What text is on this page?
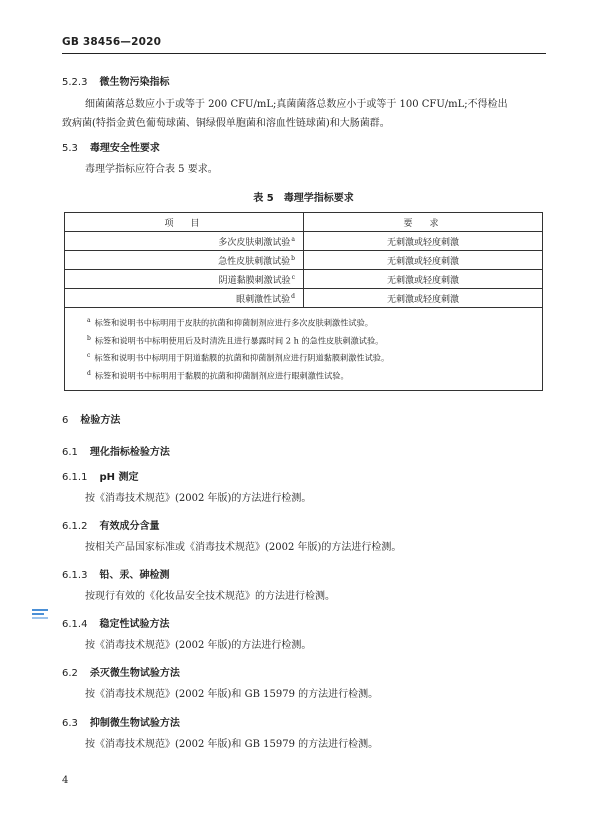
GB 38456—2020
5.2.3 微生物污染指标
细菌菌落总数应小于或等于 200 CFU/mL;真菌菌落总数应小于或等于 100 CFU/mL;不得检出
致病菌(特指金黄色葡萄球菌、铜绿假单胞菌和溶血性链球菌)和大肠菌群。
5.3 毒理安全性要求
毒理学指标应符合表 5 要求。
表 5　毒理学指标要求
项　目	要　求
多次皮肤刺激试验$^a$	无刺激或轻度刺激
急性皮肤刺激试验$^b$	无刺激或轻度刺激
阴道黏膜刺激试验$^c$	无刺激或轻度刺激
眼刺激性试验$^d$	无刺激或轻度刺激

$^a$ 标签和说明书中标明用于皮肤的抗菌和抑菌制剂应进行多次皮肤刺激性试验。
$^b$ 标签和说明书中标明使用后及时清洗且进行暴露时间 2 h 的急性皮肤刺激试验。
$^c$ 标签和说明书中标明用于阴道黏膜的抗菌和抑菌制剂应进行阴道黏膜刺激性试验。
$^d$ 标签和说明书中标明用于黏膜的抗菌和抑菌制剂应进行眼刺激性试验。	
6 检验方法
6.1 理化指标检验方法
6.1.1 pH 测定
按《消毒技术规范》(2002 年版)的方法进行检测。
6.1.2 有效成分含量
按相关产品国家标准或《消毒技术规范》(2002 年版)的方法进行检测。
6.1.3 铅、汞、砷检测
按现行有效的《化妆品安全技术规范》的方法进行检测。
6.1.4 稳定性试验方法
按《消毒技术规范》(2002 年版)的方法进行检测。
6.2 杀灭微生物试验方法
按《消毒技术规范》(2002 年版)和 GB 15979 的方法进行检测。
6.3 抑制微生物试验方法
按《消毒技术规范》(2002 年版)和 GB 15979 的方法进行检测。
4
